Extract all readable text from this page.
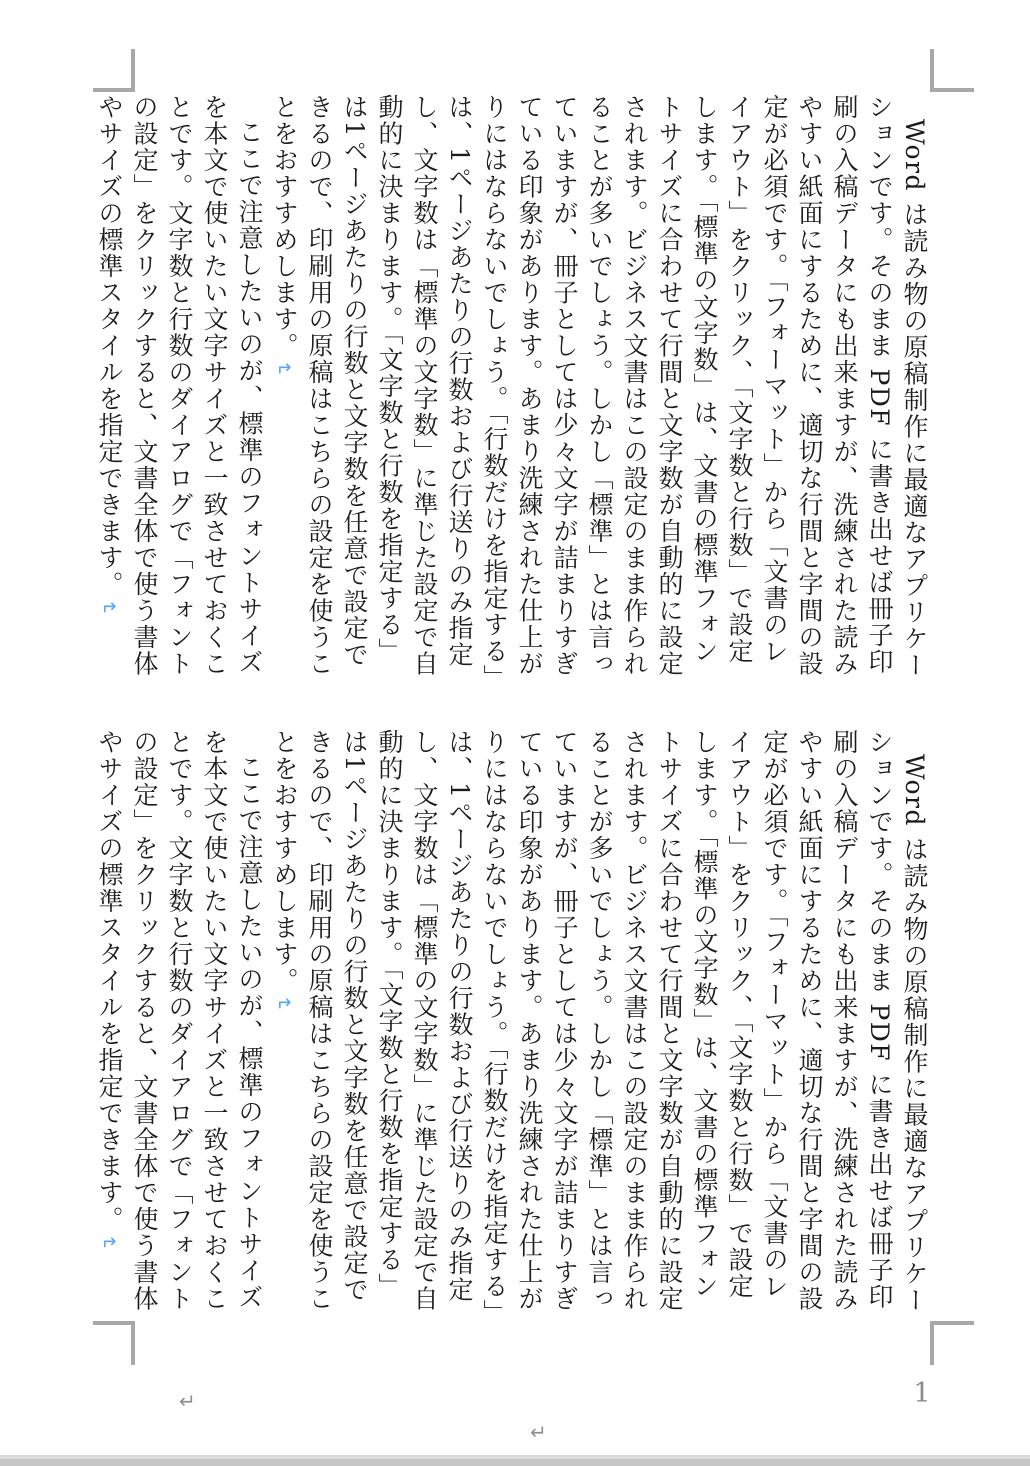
Word は読み物の原稿制作に最適なアプリケーションです。そのまま PDF に書き出せば冊子印刷の入稿データにも出来ますが、洗練された読みやすい紙面にするために、適切な行間と字間の設定が必須です。「フォーマット」から「文書のレイアウト」をクリック、「文字数と行数」で設定します。「標準の文字数」は、文書の標準フォントサイズに合わせて行間と文字数が自動的に設定されます。ビジネス文書はこの設定のまま作られることが多いでしょう。しかし「標準」とは言っていますが、冊子としては少々文字が詰まりすぎている印象があります。あまり洗練された仕上がりにはならないでしょう。「行数だけを指定する」は、1ページあたりの行数および行送りのみ指定し、文字数は「標準の文字数」に準じた設定で自動的に決まります。「文字数と行数を指定する」は1ページあたりの行数と文字数を任意で設定できるので、印刷用の原稿はこちらの設定を使うことをおすすめします。↵

ここで注意したいのが、標準のフォントサイズを本文で使いたい文字サイズと一致させておくことです。文字数と行数のダイアログで「フォントの設定」をクリックすると、文書全体で使う書体やサイズの標準スタイルを指定できます。↵

Word は読み物の原稿制作に最適なアプリケーションです。そのまま PDF に書き出せば冊子印刷の入稿データにも出来ますが、洗練された読みやすい紙面にするために、適切な行間と字間の設定が必須です。「フォーマット」から「文書のレイアウト」をクリック、「文字数と行数」で設定します。「標準の文字数」は、文書の標準フォントサイズに合わせて行間と文字数が自動的に設定されます。ビジネス文書はこの設定のまま作られることが多いでしょう。しかし「標準」とは言っていますが、冊子としては少々文字が詰まりすぎている印象があります。あまり洗練された仕上がりにはならないでしょう。「行数だけを指定する」は、1ページあたりの行数および行送りのみ指定し、文字数は「標準の文字数」に準じた設定で自動的に決まります。「文字数と行数を指定する」は1ページあたりの行数と文字数を任意で設定できるので、印刷用の原稿はこちらの設定を使うことをおすすめします。↵

ここで注意したいのが、標準のフォントサイズを本文で使いたい文字サイズと一致させておくことです。文字数と行数のダイアログで「フォントの設定」をクリックすると、文書全体で使う書体やサイズの標準スタイルを指定できます。↵

↵
↵
1
